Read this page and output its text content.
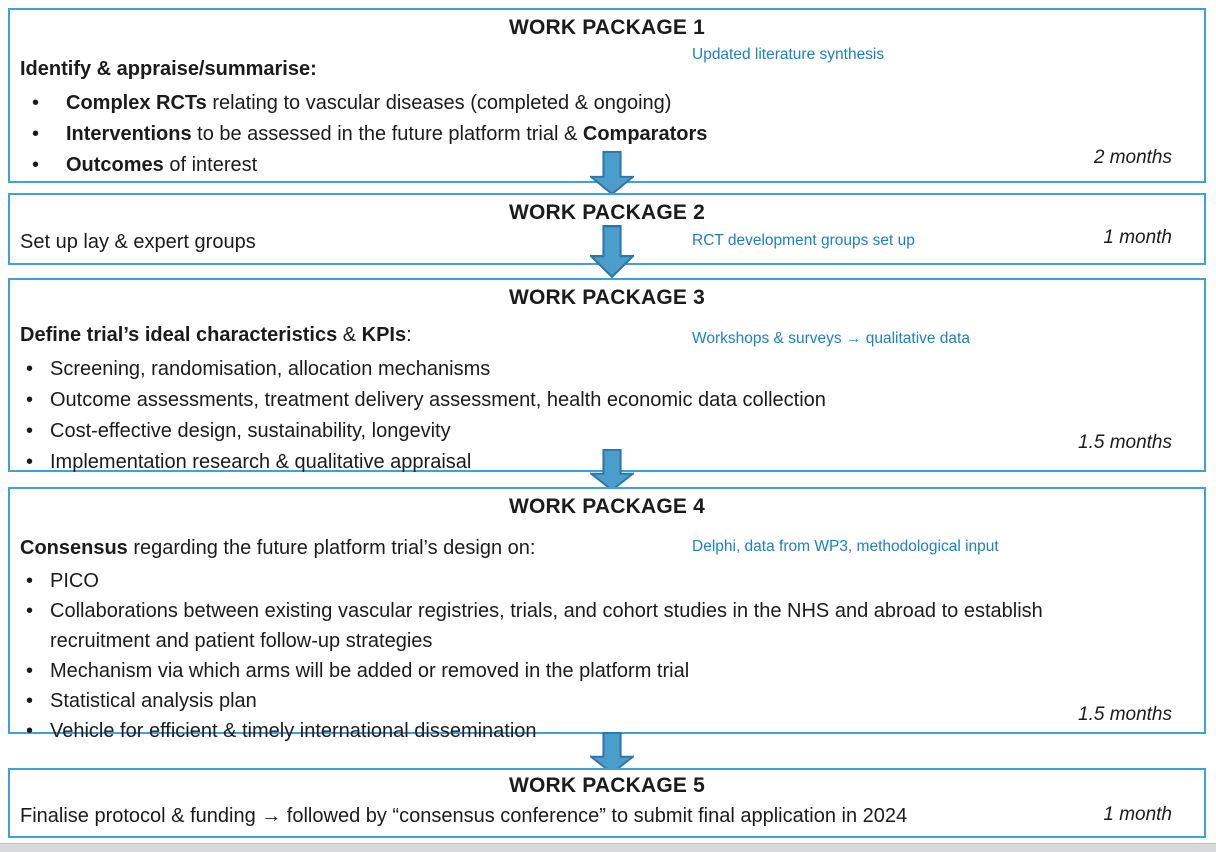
WORK PACKAGE 1
Updated literature synthesis
Identify & appraise/summarise:
• Complex RCTs relating to vascular diseases (completed & ongoing)
• Interventions to be assessed in the future platform trial & Comparators
• Outcomes of interest	2 months
WORK PACKAGE 2
RCT development groups set up
Set up lay & expert groups	1 month
WORK PACKAGE 3
Workshops & surveys → qualitative data
Define trial’s ideal characteristics & KPIs:
• Screening, randomisation, allocation mechanisms
• Outcome assessments, treatment delivery assessment, health economic data collection
• Cost-effective design, sustainability, longevity
• Implementation research & qualitative appraisal
1.5 months
WORK PACKAGE 4
Delphi, data from WP3, methodological input
Consensus regarding the future platform trial’s design on:
• PICO
• Collaborations between existing vascular registries, trials, and cohort studies in the NHS and abroad to establish
recruitment and patient follow-up strategies
• Mechanism via which arms will be added or removed in the platform trial
• Statistical analysis plan
• Vehicle for efficient & timely international dissemination
1.5 months
WORK PACKAGE 5
Finalise protocol & funding → followed by “consensus conference” to submit final application in 2024	1 month
